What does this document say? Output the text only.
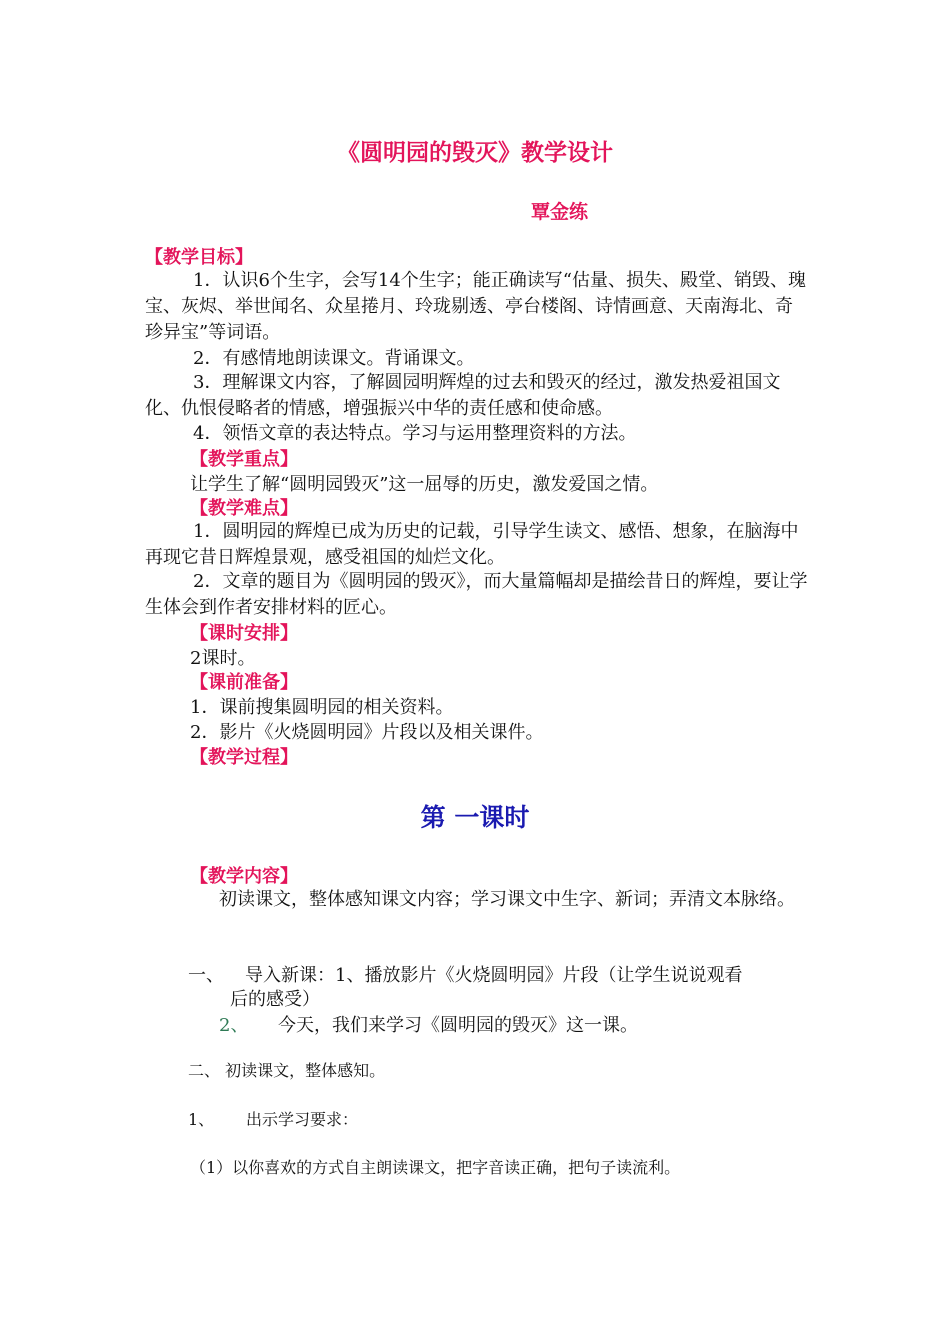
《圆明园的毁灭》教学设计
覃金练
【教学目标】
1．认识6个生字，会写14个生字；能正确读写“估量、损失、殿堂、销毁、瑰宝、灰烬、举世闻名、众星捲月、玲珑剔透、亭台楼阁、诗情画意、天南海北、奇珍异宝”等词语。
2．有感情地朗读课文。背诵课文。
3．理解课文内容，了解圆园明辉煌的过去和毁灭的经过，激发热爱祖国文化、仇恨侵略者的情感，增强振兴中华的责任感和使命感。
4．领悟文章的表达特点。学习与运用整理资料的方法。
【教学重点】
让学生了解“圆明园毁灭”这一屈辱的历史，激发爱国之情。
【教学难点】
1．圆明园的辉煌已成为历史的记载，引导学生读文、感悟、想象，在脑海中再现它昔日辉煌景观，感受祖国的灿烂文化。
2．文章的题目为《圆明园的毁灭》，而大量篇幅却是描绘昔日的辉煌，要让学生体会到作者安排材料的匠心。
【课时安排】
2课时。
【课前准备】
1．课前搜集圆明园的相关资料。
2．影片《火烧圆明园》片段以及相关课件。
【教学过程】
第 一课时
【教学内容】
初读课文，整体感知课文内容；学习课文中生字、新词；弄清文本脉络。
一、 导入新课：1、播放影片《火烧圆明园》片段（让学生说说观看
后的感受）
2、 今天，我们来学习《圆明园的毁灭》这一课。
二、 初读课文，整体感知。
1、 出示学习要求：
（1）以你喜欢的方式自主朗读课文，把字音读正确，把句子读流利。
